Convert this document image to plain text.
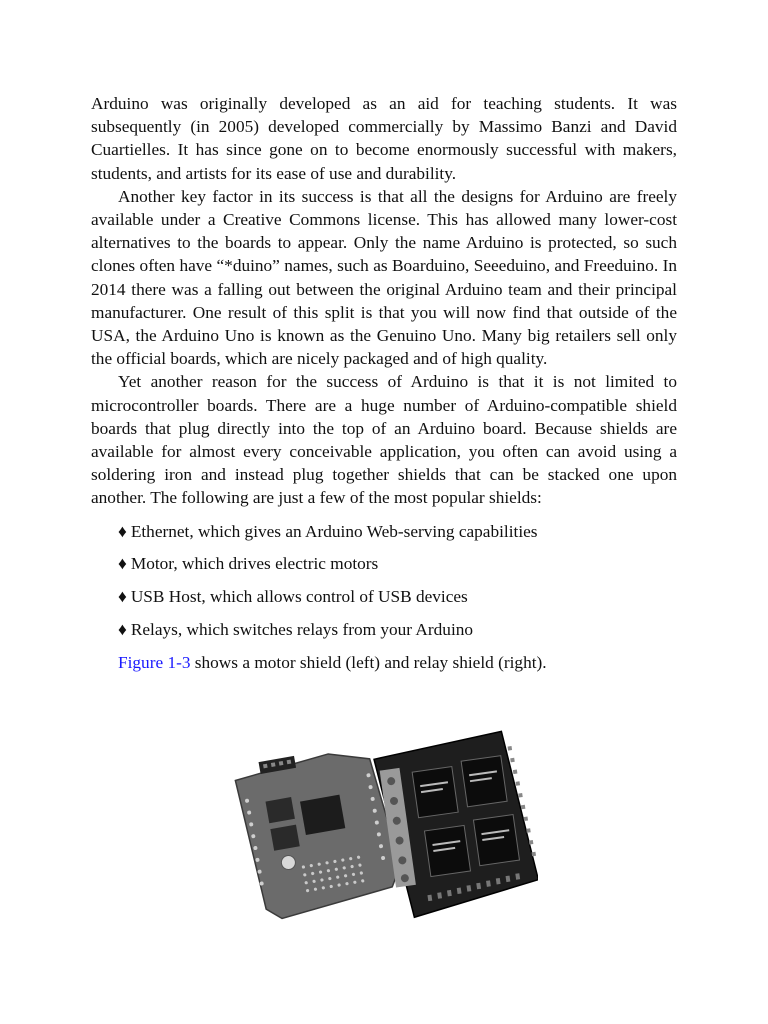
Arduino was originally developed as an aid for teaching students. It was subsequently (in 2005) developed commercially by Massimo Banzi and David Cuartielles. It has since gone on to become enormously successful with makers, students, and artists for its ease of use and durability.

Another key factor in its success is that all the designs for Arduino are freely available under a Creative Commons license. This has allowed many lower-cost alternatives to the boards to appear. Only the name Arduino is protected, so such clones often have “*duino” names, such as Boarduino, Seeeduino, and Freeduino. In 2014 there was a falling out between the original Arduino team and their principal manufacturer. One result of this split is that you will now find that outside of the USA, the Arduino Uno is known as the Genuino Uno. Many big retailers sell only the official boards, which are nicely packaged and of high quality.

Yet another reason for the success of Arduino is that it is not limited to microcontroller boards. There are a huge number of Arduino-compatible shield boards that plug directly into the top of an Arduino board. Because shields are available for almost every conceivable application, you often can avoid using a soldering iron and instead plug together shields that can be stacked one upon another. The following are just a few of the most popular shields:

♦ Ethernet, which gives an Arduino Web-serving capabilities
♦ Motor, which drives electric motors
♦ USB Host, which allows control of USB devices
♦ Relays, which switches relays from your Arduino

Figure 1-3 shows a motor shield (left) and relay shield (right).
